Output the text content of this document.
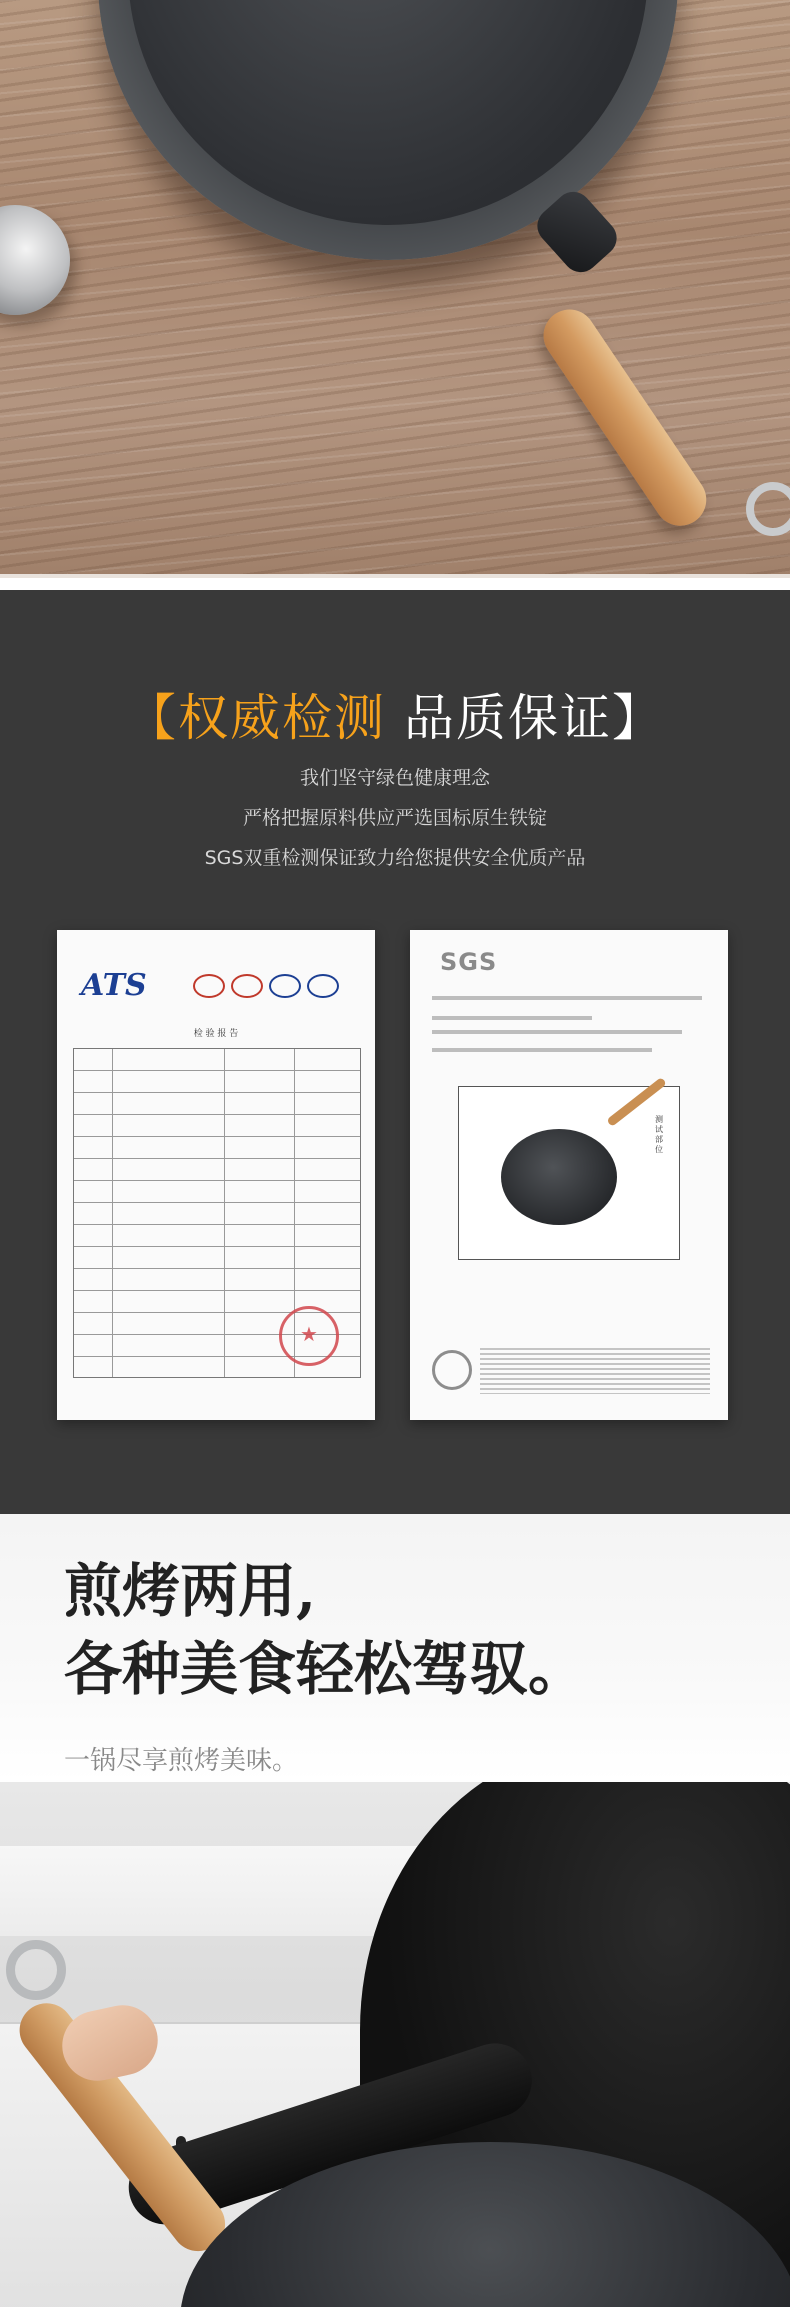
【权威检测 品质保证】
我们坚守绿色健康理念
严格把握原料供应严选国标原生铁锭
SGS双重检测保证致力给您提供安全优质产品
ATS
检 验 报 告
★
SGS
测试部位
煎烤两用,
各种美食轻松驾驭。
一锅尽享煎烤美味。
